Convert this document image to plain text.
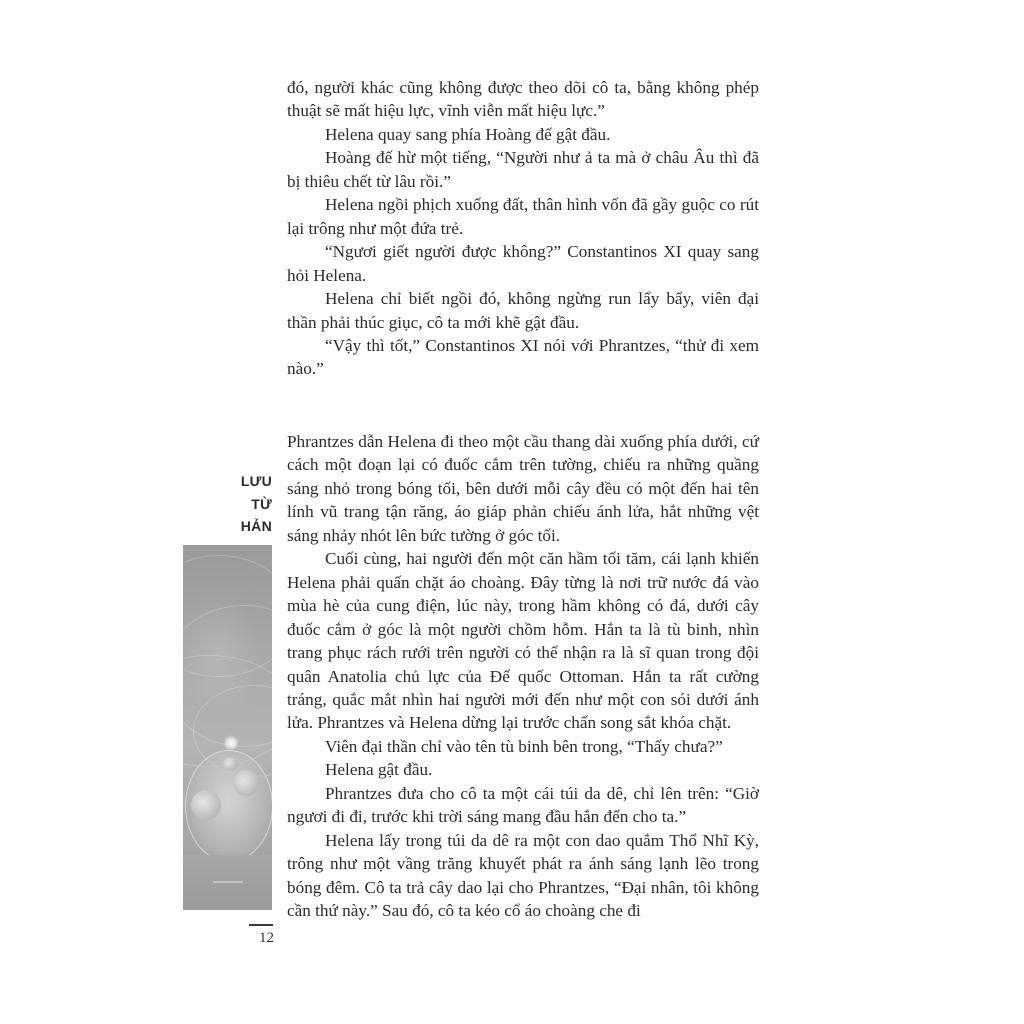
đó, người khác cũng không được theo dõi cô ta, bằng không phép thuật sẽ mất hiệu lực, vĩnh viễn mất hiệu lực.”

Helena quay sang phía Hoàng đế gật đầu.

Hoàng đế hừ một tiếng, “Người như ả ta mà ở châu Âu thì đã bị thiêu chết từ lâu rồi.”

Helena ngồi phịch xuống đất, thân hình vốn đã gầy guộc co rút lại trông như một đứa trẻ.

“Ngươi giết người được không?” Constantinos XI quay sang hỏi Helena.

Helena chỉ biết ngồi đó, không ngừng run lẩy bẩy, viên đại thần phải thúc giục, cô ta mới khẽ gật đầu.

“Vậy thì tốt,” Constantinos XI nói với Phrantzes, “thử đi xem nào.”

Phrantzes dẫn Helena đi theo một cầu thang dài xuống phía dưới, cứ cách một đoạn lại có đuốc cắm trên tường, chiếu ra những quầng sáng nhỏ trong bóng tối, bên dưới mỗi cây đều có một đến hai tên lính vũ trang tận răng, áo giáp phản chiếu ánh lửa, hắt những vệt sáng nhảy nhót lên bức tường ở góc tối.

Cuối cùng, hai người đến một căn hầm tối tăm, cái lạnh khiến Helena phải quấn chặt áo choàng. Đây từng là nơi trữ nước đá vào mùa hè của cung điện, lúc này, trong hầm không có đá, dưới cây đuốc cắm ở góc là một người chồm hỗm. Hắn ta là tù binh, nhìn trang phục rách rưới trên người có thể nhận ra là sĩ quan trong đội quân Anatolia chủ lực của Đế quốc Ottoman. Hắn ta rất cường tráng, quắc mắt nhìn hai người mới đến như một con sói dưới ánh lửa. Phrantzes và Helena dừng lại trước chấn song sắt khóa chặt.

Viên đại thần chỉ vào tên tù binh bên trong, “Thấy chưa?”

Helena gật đầu.

Phrantzes đưa cho cô ta một cái túi da dê, chỉ lên trên: “Giờ ngươi đi đi, trước khi trời sáng mang đầu hắn đến cho ta.”

Helena lấy trong túi da dê ra một con dao quắm Thổ Nhĩ Kỳ, trông như một vầng trăng khuyết phát ra ánh sáng lạnh lẽo trong bóng đêm. Cô ta trả cây dao lại cho Phrantzes, “Đại nhân, tôi không cần thứ này.” Sau đó, cô ta kéo cổ áo choàng che đi

LƯU
TỪ
HẢN
12
